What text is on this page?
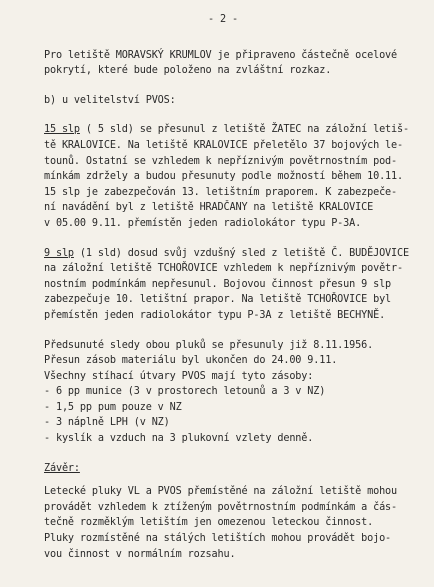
- 2 -

Pro letiště MORAVSKÝ KRUMLOV je připraveno částečně ocelové
pokrytí, které bude položeno na zvláštní rozkaz.

b) u velitelství PVOS:

15 slp ( 5 sld) se přesunul z letiště ŽATEC na záložní letiš-
tě KRALOVICE. Na letiště KRALOVICE přeletělo 37 bojových le-
tounů. Ostatní se vzhledem k nepříznivým povětrnostním pod-
mínkám zdržely a budou přesunuty podle možností během 10.11.
15 slp je zabezpečován 13. letištním praporem. K zabezpeče-
ní navádění byl z letiště HRADČANY na letiště KRALOVICE
v 05.00 9.11. přemístěn jeden radiolokátor typu P-3A.

9 slp (1 sld) dosud svůj vzdušný sled z letiště Č. BUDĚJOVICE
na záložní letiště TCHOŘOVICE vzhledem k nepříznivým povětr-
nostním podmínkám nepřesunul. Bojovou činnost přesun 9 slp
zabezpečuje 10. letištní prapor. Na letiště TCHOŘOVICE byl
přemístěn jeden radiolokátor typu P-3A z letiště BECHYNĚ.

Předsunuté sledy obou pluků se přesunuly již 8.11.1956.
Přesun zásob materiálu byl ukončen do 24.00 9.11.
Všechny stíhací útvary PVOS mají tyto zásoby:

- 6 pp munice (3 v prostorech letounů a 3 v NZ)
- 1,5 pp pum pouze v NZ
- 3 náplně LPH (v NZ)
- kyslík a vzduch na 3 plukovní vzlety denně.

Závěr:

Letecké pluky VL a PVOS přemístěné na záložní letiště mohou
provádět vzhledem k ztíženým povětrnostním podmínkám a čás-
tečně rozměklým letištím jen omezenou leteckou činnost.
Pluky rozmístěné na stálých letištích mohou provádět bojo-
vou činnost v normálním rozsahu.
